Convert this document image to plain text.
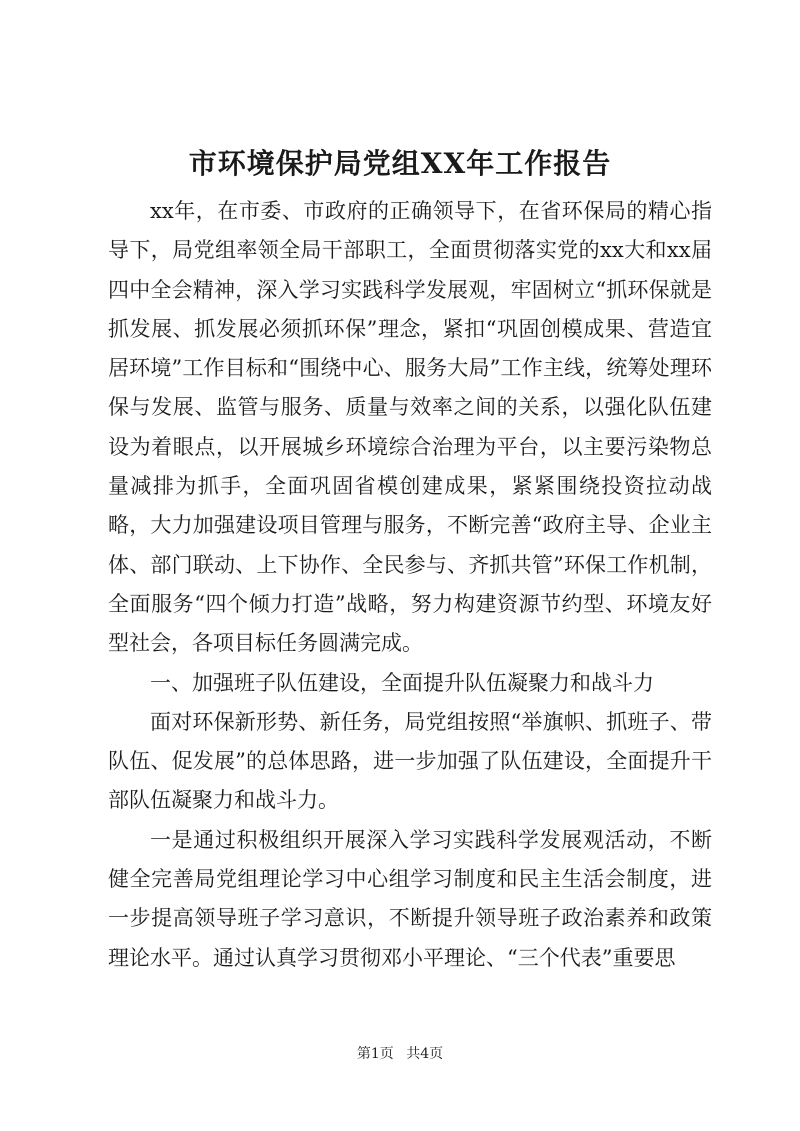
市环境保护局党组XX年工作报告

xx年，在市委、市政府的正确领导下，在省环保局的精心指导下，局党组率领全局干部职工，全面贯彻落实党的xx大和xx届四中全会精神，深入学习实践科学发展观，牢固树立“抓环保就是抓发展、抓发展必须抓环保”理念，紧扣“巩固创模成果、营造宜居环境”工作目标和“围绕中心、服务大局”工作主线，统筹处理环保与发展、监管与服务、质量与效率之间的关系，以强化队伍建设为着眼点，以开展城乡环境综合治理为平台，以主要污染物总量减排为抓手，全面巩固省模创建成果，紧紧围绕投资拉动战略，大力加强建设项目管理与服务，不断完善“政府主导、企业主体、部门联动、上下协作、全民参与、齐抓共管”环保工作机制，全面服务“四个倾力打造”战略，努力构建资源节约型、环境友好型社会，各项目标任务圆满完成。

一、加强班子队伍建设，全面提升队伍凝聚力和战斗力

面对环保新形势、新任务，局党组按照“举旗帜、抓班子、带队伍、促发展”的总体思路，进一步加强了队伍建设，全面提升干部队伍凝聚力和战斗力。

一是通过积极组织开展深入学习实践科学发展观活动，不断健全完善局党组理论学习中心组学习制度和民主生活会制度，进一步提高领导班子学习意识，不断提升领导班子政治素养和政策理论水平。通过认真学习贯彻邓小平理论、“三个代表”重要思

第1页 共4页
